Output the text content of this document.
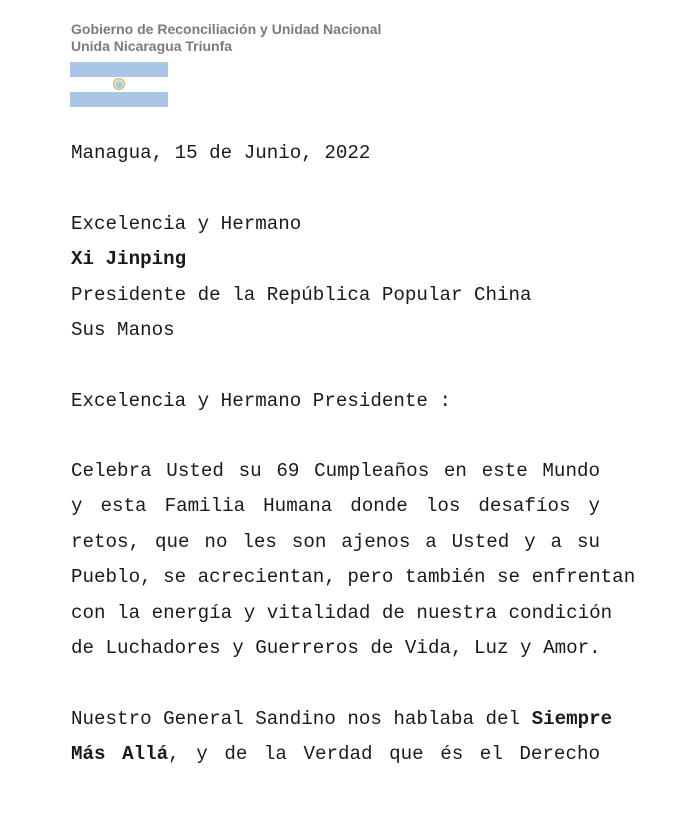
Gobierno de Reconciliación y Unidad Nacional
Unida Nicaragua Triunfa
Managua, 15 de Junio, 2022
Excelencia y Hermano
Xi Jinping
Presidente de la República Popular China
Sus Manos
Excelencia y Hermano Presidente :
Celebra Usted su 69 Cumpleaños en este Mundo
y esta Familia Humana donde los desafíos y
retos, que no les son ajenos a Usted y a su
Pueblo, se acrecientan, pero también se enfrentan
con la energía y vitalidad de nuestra condición
de Luchadores y Guerreros de Vida, Luz y Amor.
Nuestro General Sandino nos hablaba del Siempre
Más Allá, y de la Verdad que és el Derecho
